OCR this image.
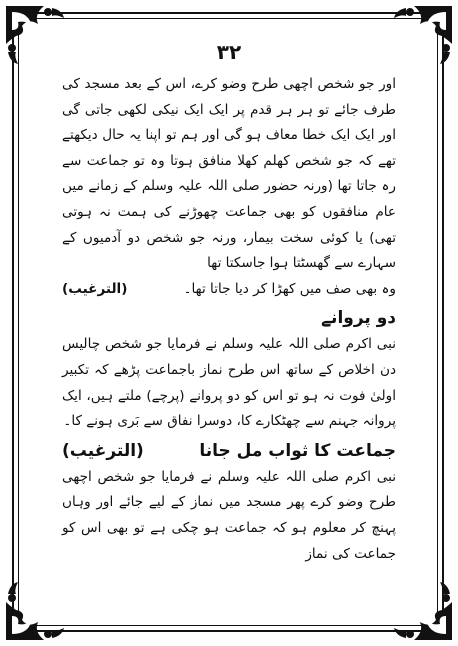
۳۲

اور جو شخص اچھی طرح وضو کرے، اس کے بعد مسجد کی طرف جائے تو ہر ہر قدم پر ایک ایک نیکی لکھی جاتی گی اور ایک ایک خطا معاف ہو گی اور ہم تو اپنا یہ حال دیکھتے تھے کہ جو شخص کھلم کھلا منافق ہوتا وہ تو جماعت سے رہ جاتا تھا (ورنہ حضور صلی اللہ علیہ وسلم کے زمانے میں عام منافقوں کو بھی جماعت چھوڑنے کی ہمت نہ ہوتی تھی) یا کوئی سخت بیمار، ورنہ جو شخص دو آدمیوں کے سہارے سے گھسٹتا ہوا جاسکتا تھا

وہ بھی صف میں کھڑا کر دیا جاتا تھا۔
(الترغیب)
دو پروانے

نبی اکرم صلی اللہ علیہ وسلم نے فرمایا جو شخص چالیس دن اخلاص کے ساتھ اس طرح نماز باجماعت پڑھے کہ تکبیر اولیٰ فوت نہ ہو تو اس کو دو پروانے (پرچے) ملتے ہیں، ایک پروانہ جہنم سے چھٹکارے کا، دوسرا نفاق سے بَری ہونے کا۔

جماعت کا ثواب مل جانا
(الترغیب)

نبی اکرم صلی اللہ علیہ وسلم نے فرمایا جو شخص اچھی طرح وضو کرے پھر مسجد میں نماز کے لیے جائے اور وہاں پہنچ کر معلوم ہو کہ جماعت ہو چکی ہے تو بھی اس کو جماعت کی نماز
